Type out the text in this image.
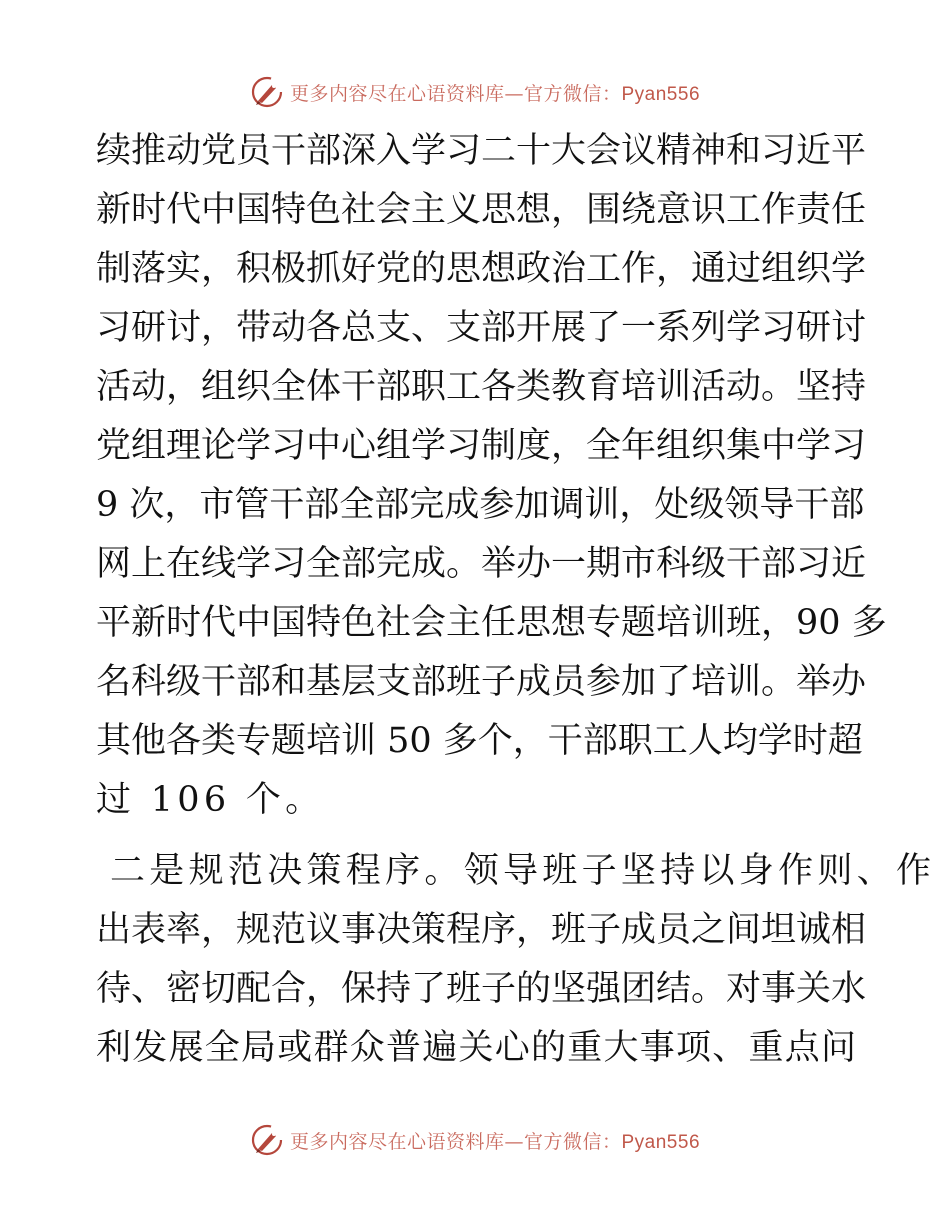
更多内容尽在心语资料库—官方微信：Pyan556
续推动党员干部深入学习二十大会议精神和习近平
新时代中国特色社会主义思想，围绕意识工作责任
制落实，积极抓好党的思想政治工作，通过组织学
习研讨，带动各总支、支部开展了一系列学习研讨
活动，组织全体干部职工各类教育培训活动。坚持
党组理论学习中心组学习制度，全年组织集中学习
9 次，市管干部全部完成参加调训，处级领导干部
网上在线学习全部完成。举办一期市科级干部习近
平新时代中国特色社会主任思想专题培训班，90 多
名科级干部和基层支部班子成员参加了培训。举办
其他各类专题培训 50 多个，干部职工人均学时超
过 106 个。
二是规范决策程序。领导班子坚持以身作则、作
出表率，规范议事决策程序，班子成员之间坦诚相
待、密切配合，保持了班子的坚强团结。对事关水
利发展全局或群众普遍关心的重大事项、重点问
更多内容尽在心语资料库—官方微信：Pyan556
